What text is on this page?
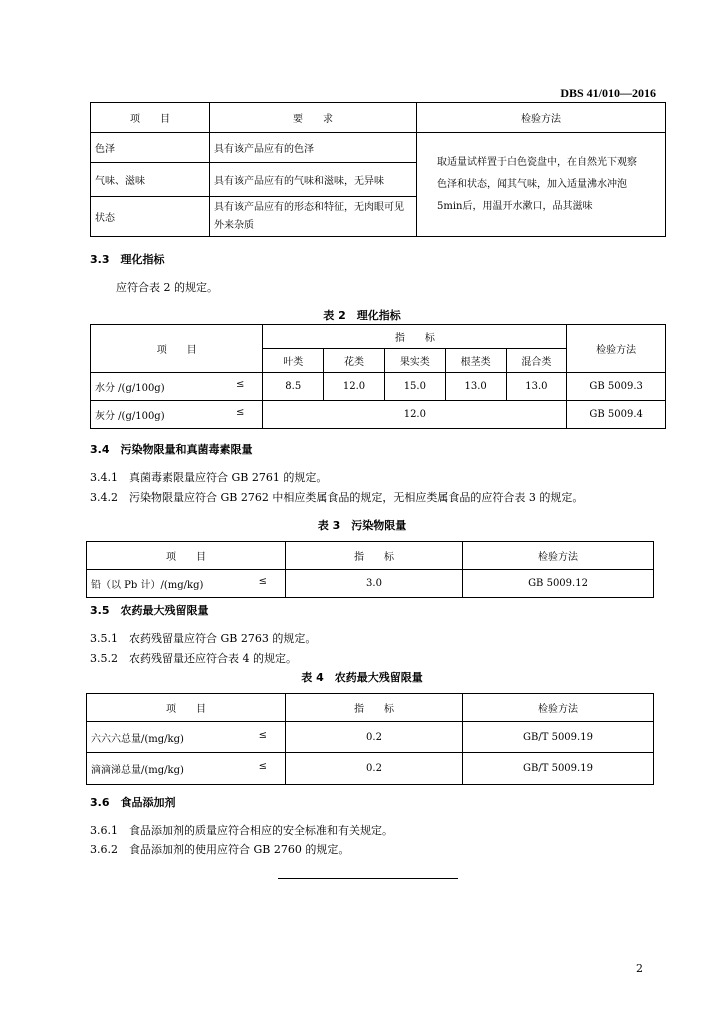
DBS 41/010—2016
项　　目	要　　求	检验方法
色泽	具有该产品应有的色泽	取适量试样置于白色瓷盘中，在自然光下观察色泽和状态，闻其气味，加入适量沸水冲泡5min后，用温开水漱口，品其滋味
气味、滋味	具有该产品应有的气味和滋味，无异味	
状态	具有该产品应有的形态和特征，无肉眼可见外来杂质	
3.3　理化指标
应符合表 2 的规定。
表 2　理化指标
项　　目	指　　标					检验方法
	叶类	花类	果实类	根茎类	混合类	

水分 /(g/100g) ≤	8.5	12.0	15.0	13.0	13.0	GB 5009.3

灰分 /(g/100g) ≤	12.0					GB 5009.4
3.4　污染物限量和真菌毒素限量
3.4.1　真菌毒素限量应符合 GB 2761 的规定。
3.4.2　污染物限量应符合 GB 2762 中相应类属食品的规定，无相应类属食品的应符合表 3 的规定。
表 3　污染物限量
项　　目	指　　标	检验方法

铅（以 Pb 计）/(mg/kg) ≤	3.0	GB 5009.12
3.5　农药最大残留限量
3.5.1　农药残留量应符合 GB 2763 的规定。
3.5.2　农药残留量还应符合表 4 的规定。
表 4　农药最大残留限量
项　　目	指　　标	检验方法

六六六总量/(mg/kg) ≤	0.2	GB/T 5009.19

滴滴涕总量/(mg/kg) ≤	0.2	GB/T 5009.19
3.6　食品添加剂
3.6.1　食品添加剂的质量应符合相应的安全标准和有关规定。
3.6.2　食品添加剂的使用应符合 GB 2760 的规定。
2
